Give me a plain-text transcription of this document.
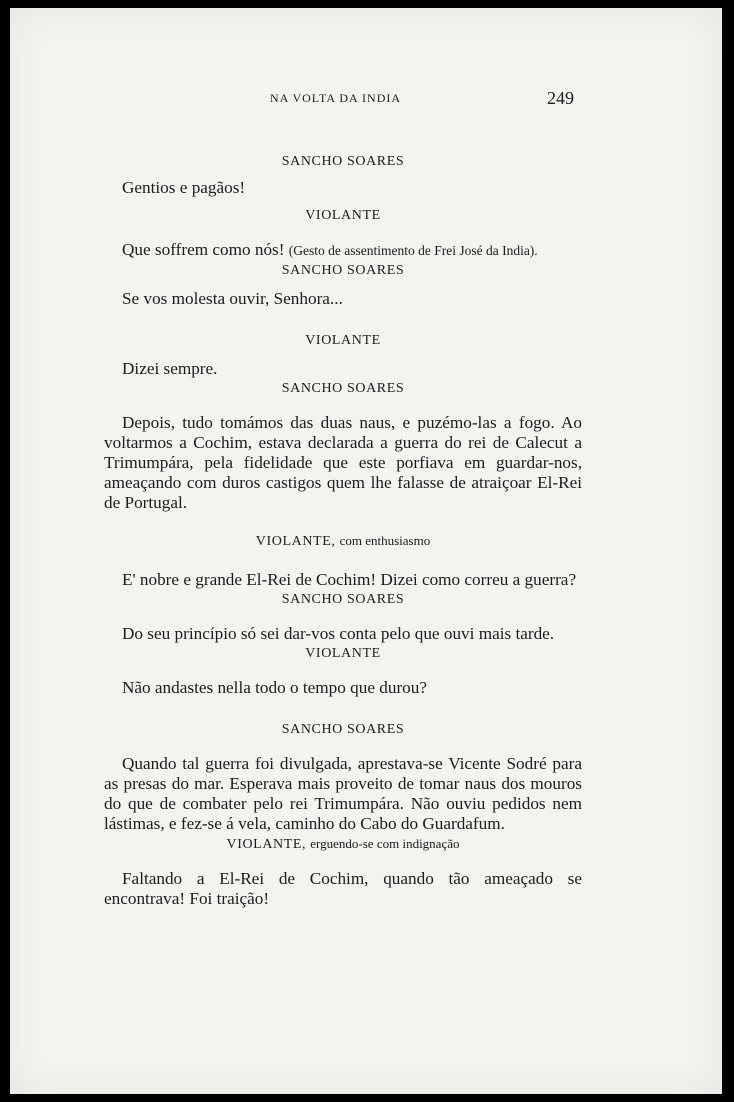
NA VOLTA DA INDIA	249

SANCHO SOARES

Gentios e pagãos!

VIOLANTE

Que soffrem como nós! (Gesto de assentimento de Frei José da India).

SANCHO SOARES

Se vos molesta ouvir, Senhora...

VIOLANTE

Dizei sempre.

SANCHO SOARES

Depois, tudo tomámos das duas naus, e puzémo-las a fogo. Ao voltarmos a Cochim, estava declarada a guerra do rei de Calecut a Trimumpára, pela fidelidade que este porfiava em guardar-nos, ameaçando com duros castigos quem lhe falasse de atraiçoar El-Rei de Portugal.

VIOLANTE, com enthusiasmo

E' nobre e grande El-Rei de Cochim! Dizei como correu a guerra?

SANCHO SOARES

Do seu princípio só sei dar-vos conta pelo que ouvi mais tarde.

VIOLANTE

Não andastes nella todo o tempo que durou?

SANCHO SOARES

Quando tal guerra foi divulgada, aprestava-se Vicente Sodré para as presas do mar. Esperava mais proveito de tomar naus dos mouros do que de combater pelo rei Trimumpára. Não ouviu pedidos nem lástimas, e fez-se á vela, caminho do Cabo do Guardafum.

VIOLANTE, erguendo-se com indignação

Faltando a El-Rei de Cochim, quando tão ameaçado se encontrava! Foi traição!
